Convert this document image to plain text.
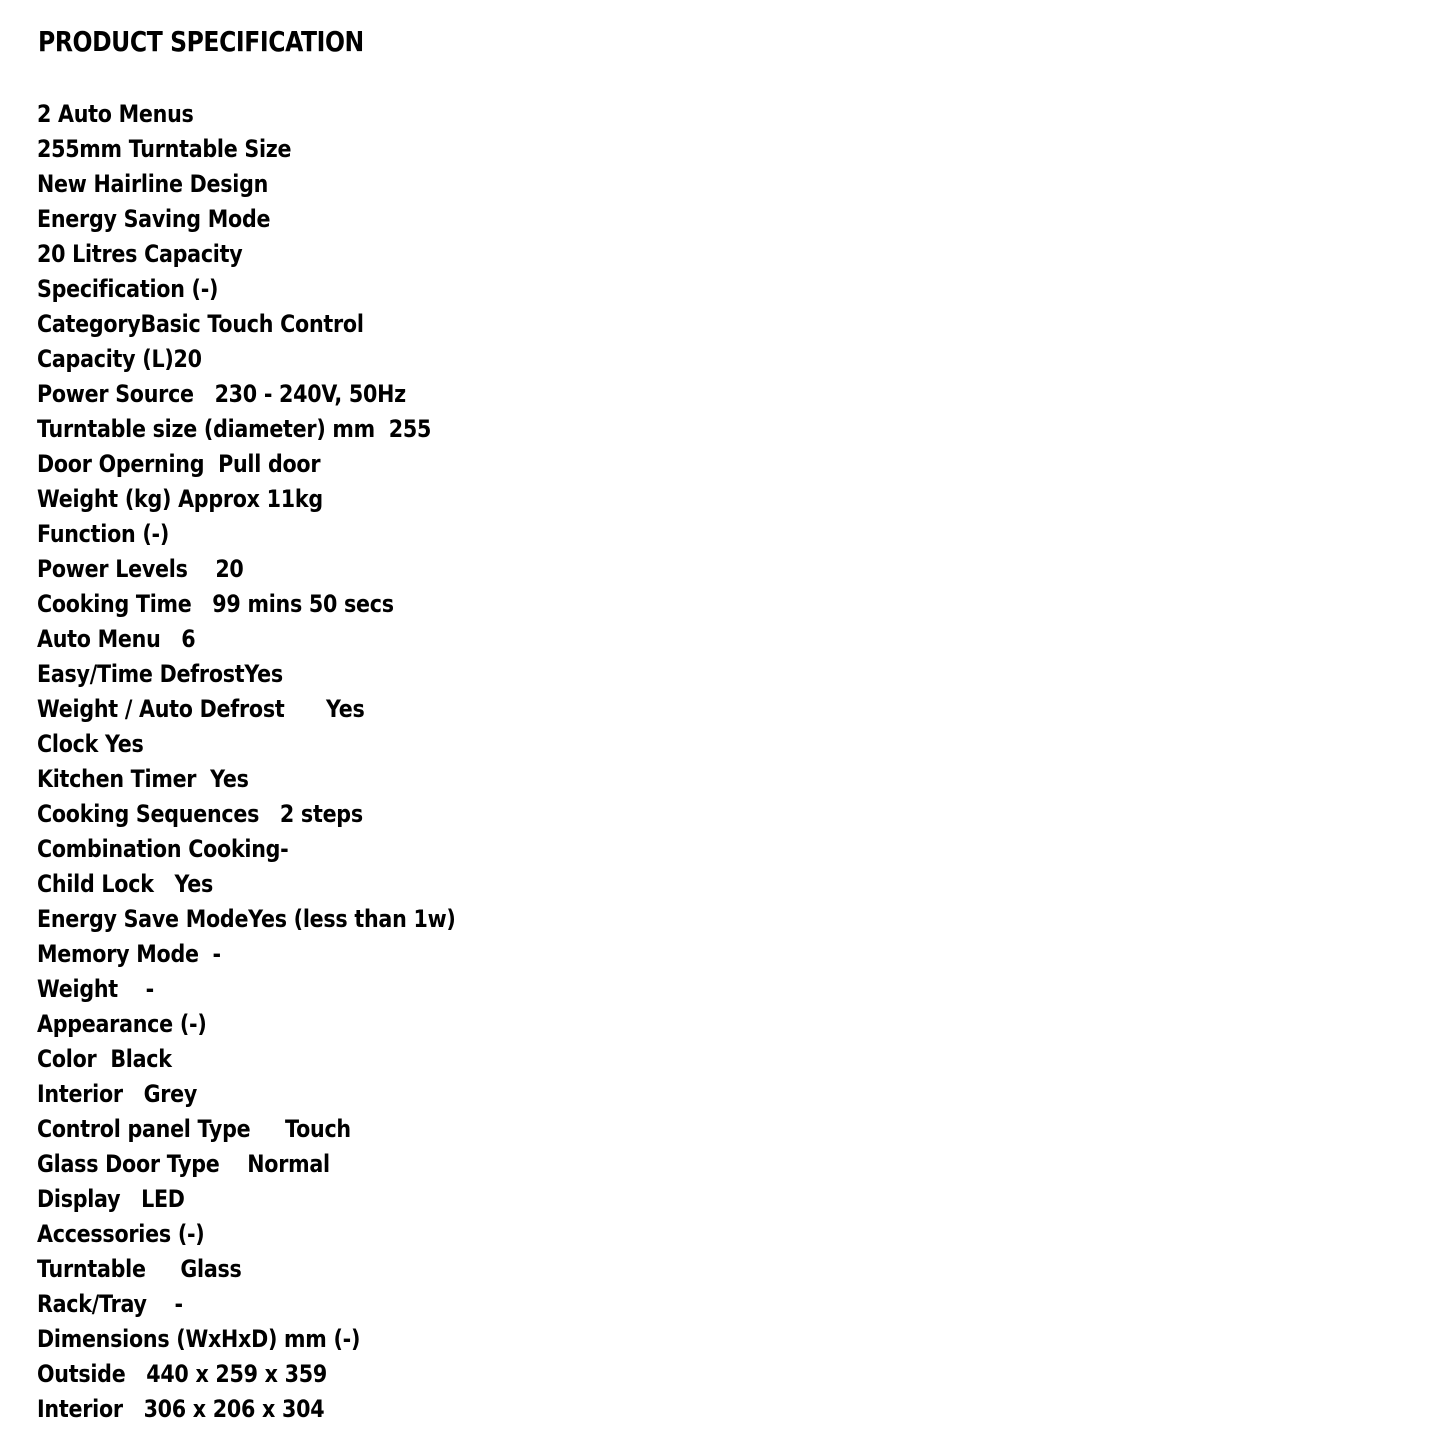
PRODUCT SPECIFICATION
2 Auto Menus
255mm Turntable Size
New Hairline Design
Energy Saving Mode
20 Litres Capacity
Specification (-)
CategoryBasic Touch Control
Capacity (L)20
Power Source   230 - 240V, 50Hz
Turntable size (diameter) mm  255
Door Operning  Pull door
Weight (kg) Approx 11kg
Function (-)
Power Levels    20
Cooking Time   99 mins 50 secs
Auto Menu   6
Easy/Time DefrostYes
Weight / Auto Defrost      Yes
Clock Yes
Kitchen Timer  Yes
Cooking Sequences   2 steps
Combination Cooking-
Child Lock   Yes
Energy Save ModeYes (less than 1w)
Memory Mode  -
Weight    -
Appearance (-)
Color  Black
Interior   Grey
Control panel Type     Touch
Glass Door Type    Normal
Display   LED
Accessories (-)
Turntable     Glass
Rack/Tray    -
Dimensions (WxHxD) mm (-)
Outside   440 x 259 x 359
Interior   306 x 206 x 304
